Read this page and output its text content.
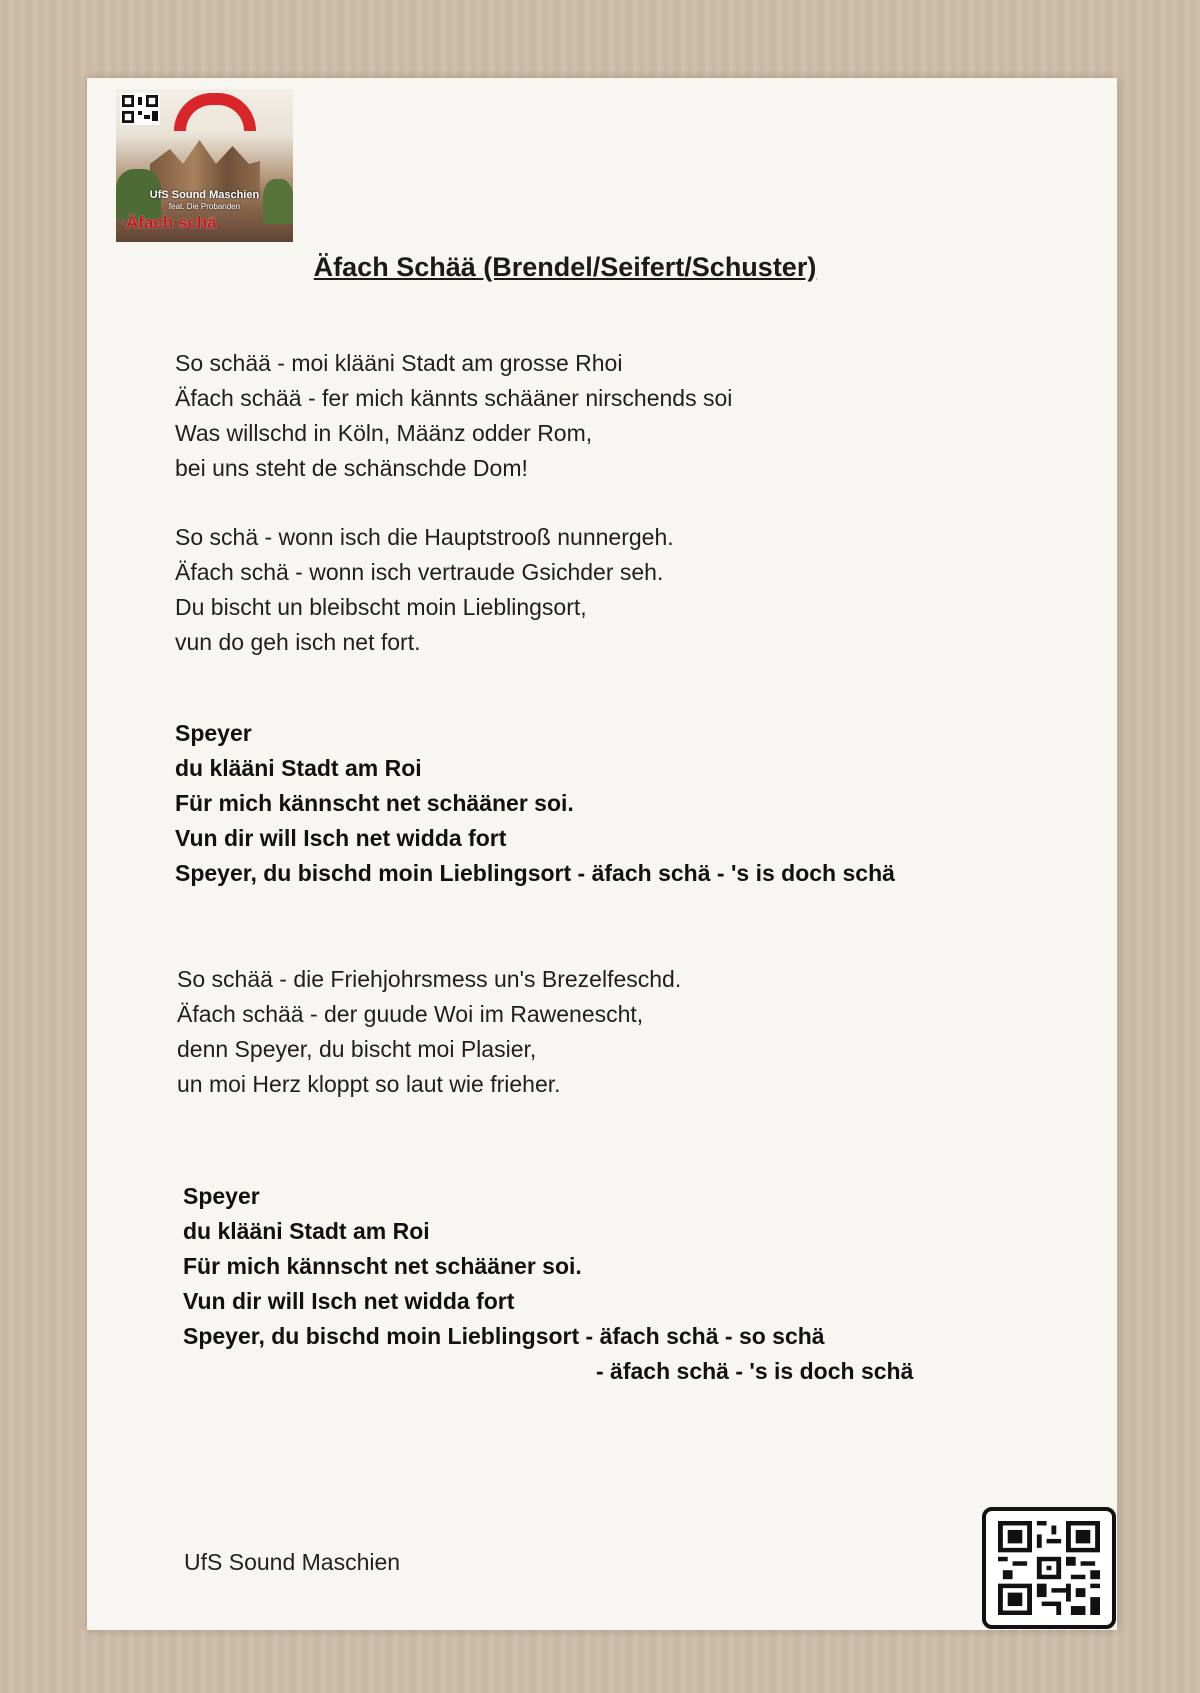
UfS Sound Maschien
feat. Die Probanden
Äfach schä
Äfach Schää (Brendel/Seifert/Schuster)
So schää - moi klääni Stadt am grosse Rhoi
Äfach schää - fer mich kännts schääner nirschends soi
Was willschd in Köln, Määnz odder Rom,
bei uns steht de schänschde Dom!
So schä - wonn isch die Hauptstrooß nunnergeh.
Äfach schä - wonn isch vertraude Gsichder seh.
Du bischt un bleibscht moin Lieblingsort,
vun do geh isch net fort.
Speyer
du klääni Stadt am Roi
Für mich kännscht net schääner soi.
Vun dir will Isch net widda fort
Speyer, du bischd moin Lieblingsort - äfach schä - 's is doch schä
So schää - die Friehjohrsmess un's Brezelfeschd.
Äfach schää - der guude Woi im Rawenescht,
denn Speyer, du bischt moi Plasier,
un moi Herz kloppt so laut wie frieher.
Speyer
du klääni Stadt am Roi
Für mich kännscht net schääner soi.
Vun dir will Isch net widda fort
Speyer, du bischd moin Lieblingsort - äfach schä - so schä
- äfach schä - 's is doch schä
UfS Sound Maschien
